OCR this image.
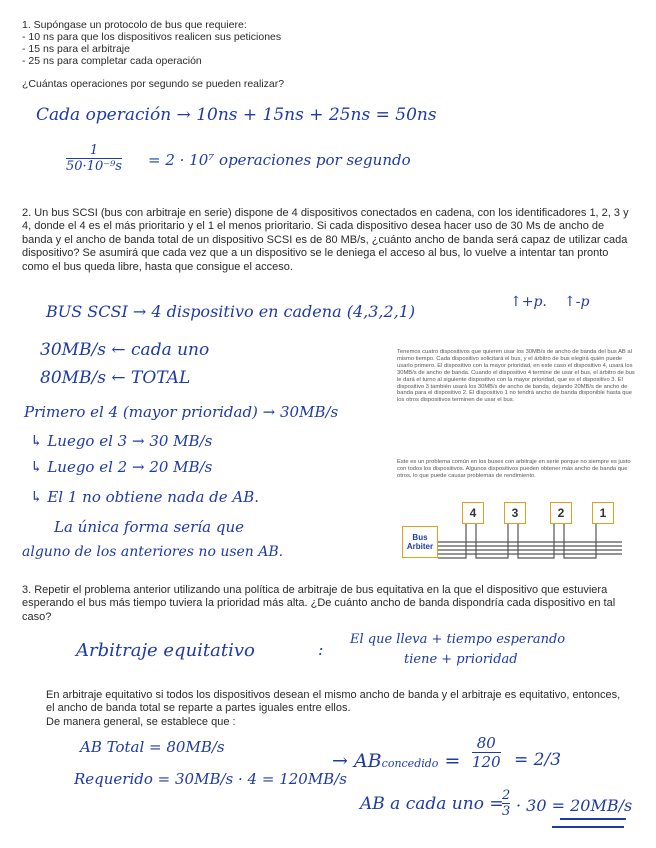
1. Supóngase un protocolo de bus que requiere:

- 10 ns para que los dispositivos realicen sus peticiones

- 15 ns para el arbitraje

- 25 ns para completar cada operación

¿Cuántas operaciones por segundo se pueden realizar?

Cada operación → 10ns + 15ns + 25ns = 50ns
1
50·10⁻⁹s = 2 · 10⁷ operaciones por segundo

2. Un bus SCSI (bus con arbitraje en serie) dispone de 4 dispositivos conectados en cadena, con los identificadores 1, 2, 3 y 4, donde el 4 es el más prioritario y el 1 el menos prioritario. Si cada dispositivo desea hacer uso de 30 Ms de ancho de banda y el ancho de banda total de un dispositivo SCSI es de 80 MB/s, ¿cuánto ancho de banda será capaz de utilizar cada dispositivo? Se asumirá que cada vez que a un dispositivo se le deniega el acceso al bus, lo vuelve a intentar tan pronto como el bus queda libre, hasta que consigue el acceso.

BUS SCSI → 4 dispositivo en cadena (4,3,2,1)	↑+p. ↑-p
30MB/s ← cada uno
80MB/s ← TOTAL
Primero el 4 (mayor prioridad) → 30MB/s
↳ Luego el 3 → 30 MB/s
↳ Luego el 2 → 20 MB/s
↳ El 1 no obtiene nada de AB.
La única forma sería que
alguno de los anteriores no usen AB.

Tenemos cuatro dispositivos que quieren usar los 30MB/s de ancho de banda del bus AB al mismo tiempo. Cada dispositivo solicitará el bus, y el árbitro de bus elegirá quién puede usarlo primero. El dispositivo con la mayor prioridad, en este caso el dispositivo 4, usará los 30MB/s de ancho de banda. Cuando el dispositivo 4 termine de usar el bus, el árbitro de bus le dará el turno al siguiente dispositivo con la mayor prioridad, que es el dispositivo 3. El dispositivo 3 también usará los 30MB/s de ancho de banda, dejando 20MB/s de ancho de banda para el dispositivo 2. El dispositivo 1 no tendrá ancho de banda disponible hasta que los otros dispositivos terminen de usar el bus.

Este es un problema común en los buses con arbitraje en serie porque no siempre es justo con todos los dispositivos. Algunos dispositivos pueden obtener más ancho de banda que otros, lo que puede causar problemas de rendimiento.

Bus
Arbiter
4	3	2	1

3. Repetir el problema anterior utilizando una política de arbitraje de bus equitativa en la que el dispositivo que estuviera esperando el bus más tiempo tuviera la prioridad más alta. ¿De cuánto ancho de banda dispondría cada dispositivo en tal caso?

Arbitraje equitativo	:
El que lleva + tiempo esperando
tiene + prioridad

En arbitraje equitativo si todos los dispositivos desean el mismo ancho de banda y el arbitraje es equitativo, entonces, el ancho de banda total se reparte a partes iguales entre ellos.
De manera general, se establece que :

AB Total = 80MB/s
Requerido = 30MB/s · 4 = 120MB/s
→ ABconcedido =
80
120 = 2/3
AB a cada uno =
2
3 · 30 = 20MB/s
